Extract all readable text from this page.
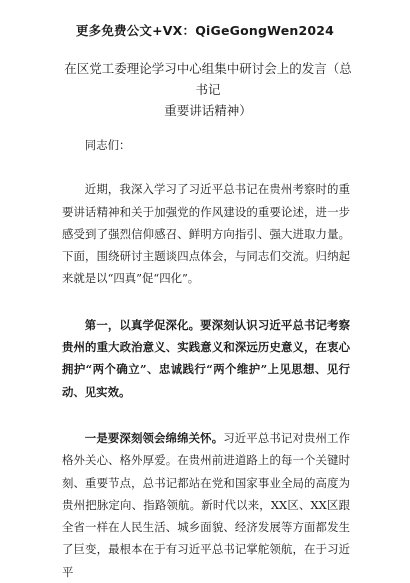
更多免费公文+VX：QiGeGongWen2024
在区党工委理论学习中心组集中研讨会上的发言（总书记
重要讲话精神）

同志们：

近期，我深入学习了习近平总书记在贵州考察时的重要讲话精神和关于加强党的作风建设的重要论述，进一步感受到了强烈信仰感召、鲜明方向指引、强大进取力量。下面，围绕研讨主题谈四点体会，与同志们交流。归纳起来就是以“四真”促“四化”。

第一，以真学促深化。要深刻认识习近平总书记考察贵州的重大政治意义、实践意义和深远历史意义，在衷心拥护“两个确立”、忠诚践行“两个维护”上见思想、见行动、见实效。

一是要深刻领会绵绵关怀。习近平总书记对贵州工作格外关心、格外厚爱。在贵州前进道路上的每一个关键时刻、重要节点，总书记都站在党和国家事业全局的高度为贵州把脉定向、指路领航。新时代以来，XX区、XX区跟全省一样在人民生活、城乡面貌、经济发展等方面都发生了巨变，最根本在于有习近平总书记掌舵领航，在于习近平
